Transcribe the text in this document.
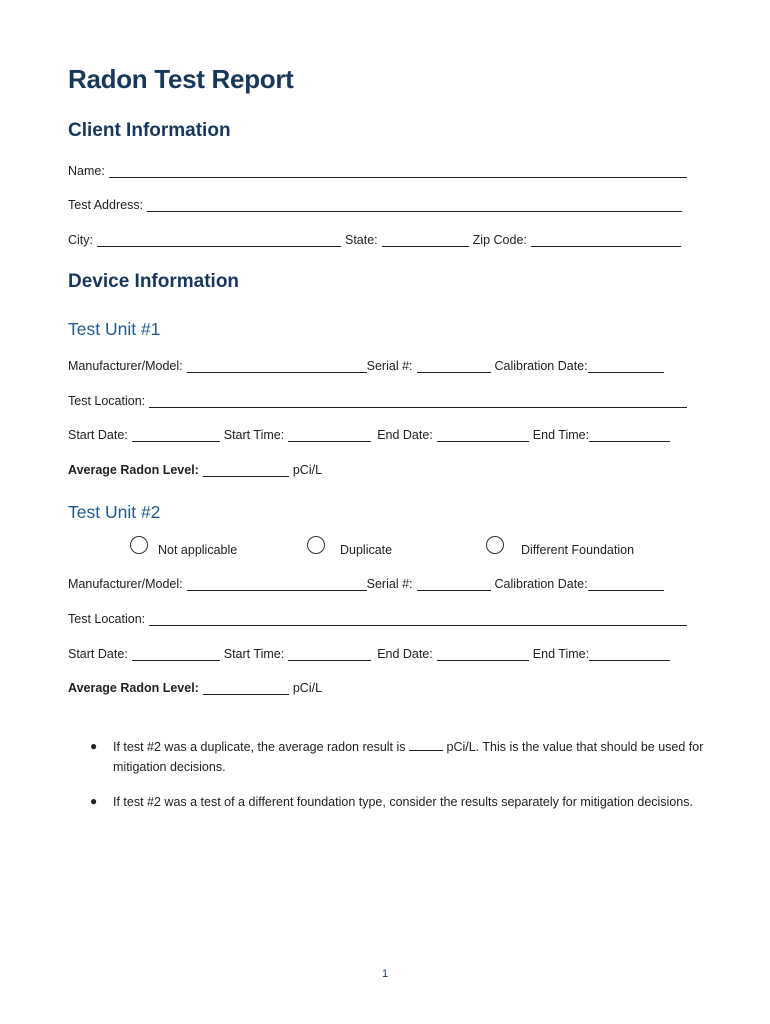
Radon Test Report
Client Information
Name:
Test Address:
City:	State:	Zip Code:
Device Information
Test Unit #1
Manufacturer/Model:	Serial #:	Calibration Date:
Test Location:
Start Date:	Start Time:	End Date:	End Time:
Average Radon Level:	pCi/L
Test Unit #2
Not applicable	Duplicate	Different Foundation
Manufacturer/Model:	Serial #:	Calibration Date:
Test Location:
Start Date:	Start Time:	End Date:	End Time:
Average Radon Level:	pCi/L
● If test #2 was a duplicate, the average radon result is	pCi/L. This is the value that should be used for mitigation decisions.
● If test #2 was a test of a different foundation type, consider the results separately for mitigation decisions.
1
